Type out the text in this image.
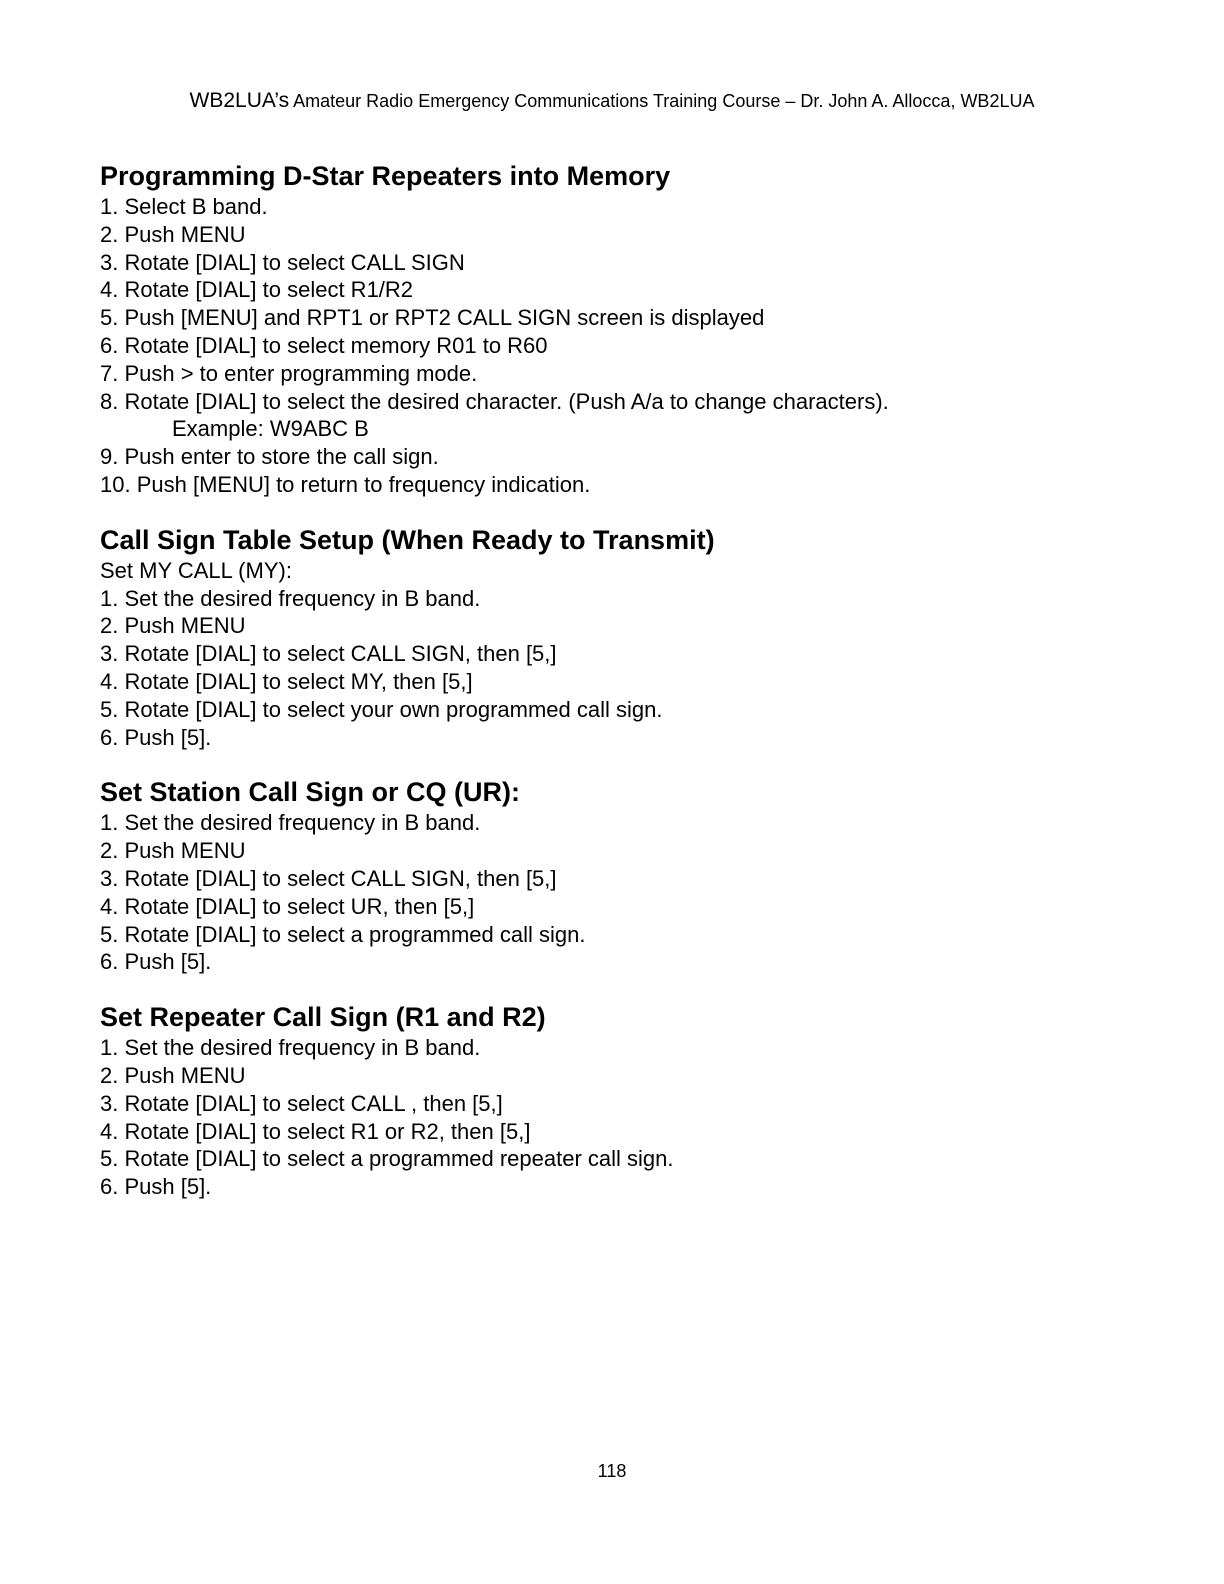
WB2LUA’s Amateur Radio Emergency Communications Training Course – Dr. John A. Allocca, WB2LUA
Programming D-Star Repeaters into Memory
1. Select B band.
2. Push MENU
3. Rotate [DIAL] to select CALL SIGN
4. Rotate [DIAL] to select R1/R2
5. Push [MENU] and RPT1 or RPT2 CALL SIGN screen is displayed
6. Rotate [DIAL] to select memory R01 to R60
7. Push > to enter programming mode.
8. Rotate [DIAL] to select the desired character. (Push A/a to change characters).
Example: W9ABC B
9. Push enter to store the call sign.
10. Push [MENU] to return to frequency indication.
Call Sign Table Setup (When Ready to Transmit)
Set MY CALL (MY):
1. Set the desired frequency in B band.
2. Push MENU
3. Rotate [DIAL] to select CALL SIGN, then [5,]
4. Rotate [DIAL] to select MY, then [5,]
5. Rotate [DIAL] to select your own programmed call sign.
6. Push [5].
Set Station Call Sign or CQ (UR):
1. Set the desired frequency in B band.
2. Push MENU
3. Rotate [DIAL] to select CALL SIGN, then [5,]
4. Rotate [DIAL] to select UR, then [5,]
5. Rotate [DIAL] to select a programmed call sign.
6. Push [5].
Set Repeater Call Sign (R1 and R2)
1. Set the desired frequency in B band.
2. Push MENU
3. Rotate [DIAL] to select CALL , then [5,]
4. Rotate [DIAL] to select R1 or R2, then [5,]
5. Rotate [DIAL] to select a programmed repeater call sign.
6. Push [5].
118
